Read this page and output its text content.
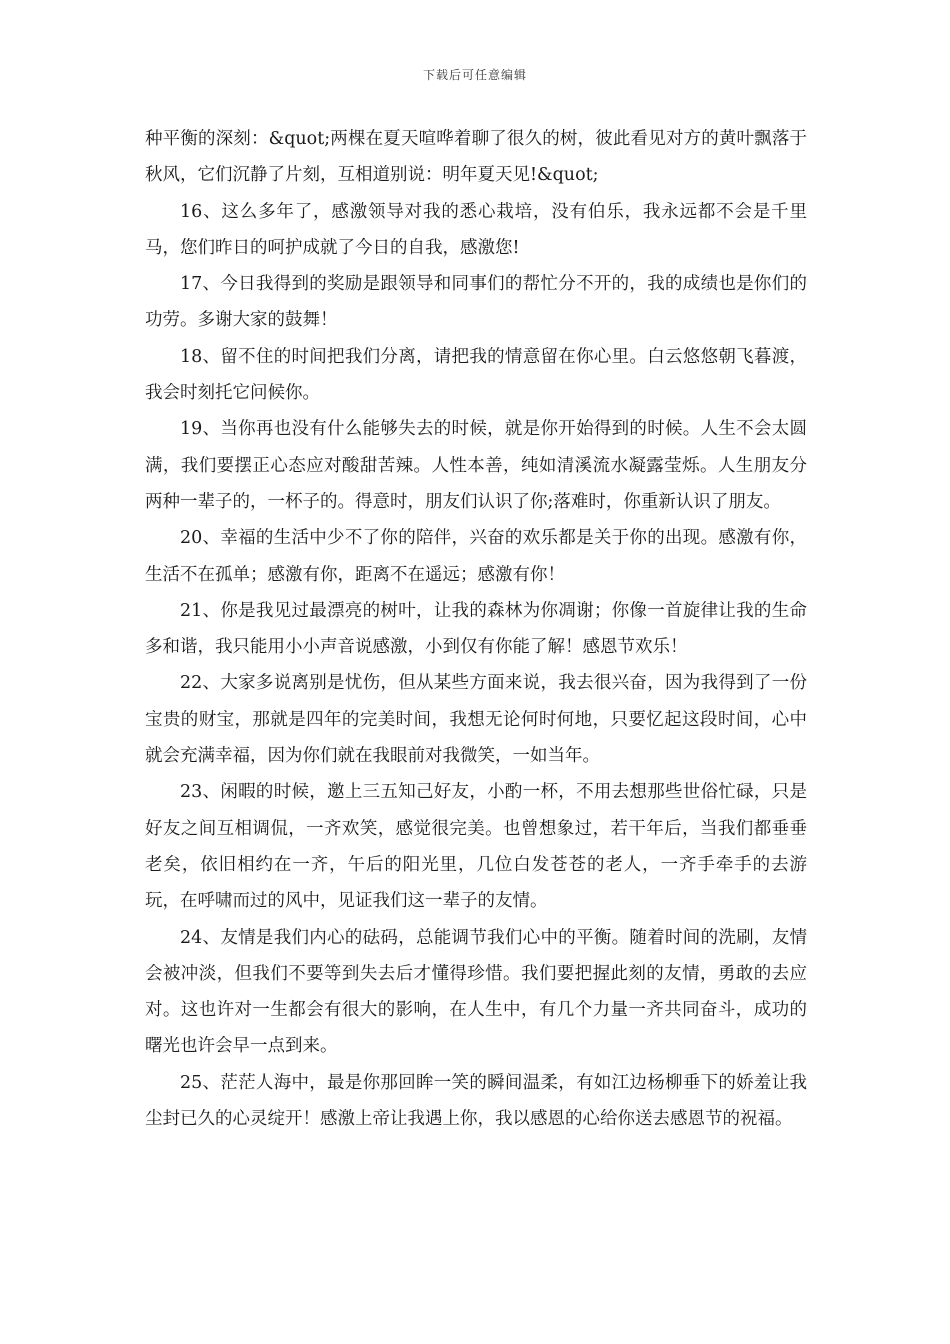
下载后可任意编辑

种平衡的深刻：&quot;两棵在夏天喧哗着聊了很久的树，彼此看见对方的黄叶飘落于秋风，它们沉静了片刻，互相道别说：明年夏天见!&quot;

16、这么多年了，感激领导对我的悉心栽培，没有伯乐，我永远都不会是千里马，您们昨日的呵护成就了今日的自我，感激您!

17、今日我得到的奖励是跟领导和同事们的帮忙分不开的，我的成绩也是你们的功劳。多谢大家的鼓舞！

18、留不住的时间把我们分离，请把我的情意留在你心里。白云悠悠朝飞暮渡，我会时刻托它问候你。

19、当你再也没有什么能够失去的时候，就是你开始得到的时候。人生不会太圆满，我们要摆正心态应对酸甜苦辣。人性本善，纯如清溪流水凝露莹烁。人生朋友分两种一辈子的，一杯子的。得意时，朋友们认识了你;落难时，你重新认识了朋友。

20、幸福的生活中少不了你的陪伴，兴奋的欢乐都是关于你的出现。感激有你，生活不在孤单；感激有你，距离不在遥远；感激有你！

21、你是我见过最漂亮的树叶，让我的森林为你凋谢；你像一首旋律让我的生命多和谐，我只能用小小声音说感激，小到仅有你能了解！感恩节欢乐！

22、大家多说离别是忧伤，但从某些方面来说，我去很兴奋，因为我得到了一份宝贵的财宝，那就是四年的完美时间，我想无论何时何地，只要忆起这段时间，心中就会充满幸福，因为你们就在我眼前对我微笑，一如当年。

23、闲暇的时候，邀上三五知己好友，小酌一杯，不用去想那些世俗忙碌，只是好友之间互相调侃，一齐欢笑，感觉很完美。也曾想象过，若干年后，当我们都垂垂老矣，依旧相约在一齐，午后的阳光里，几位白发苍苍的老人，一齐手牵手的去游玩，在呼啸而过的风中，见证我们这一辈子的友情。

24、友情是我们内心的砝码，总能调节我们心中的平衡。随着时间的洗刷，友情会被冲淡，但我们不要等到失去后才懂得珍惜。我们要把握此刻的友情，勇敢的去应对。这也许对一生都会有很大的影响，在人生中，有几个力量一齐共同奋斗，成功的曙光也许会早一点到来。

25、茫茫人海中，最是你那回眸一笑的瞬间温柔，有如江边杨柳垂下的娇羞让我尘封已久的心灵绽开！感激上帝让我遇上你，我以感恩的心给你送去感恩节的祝福。
